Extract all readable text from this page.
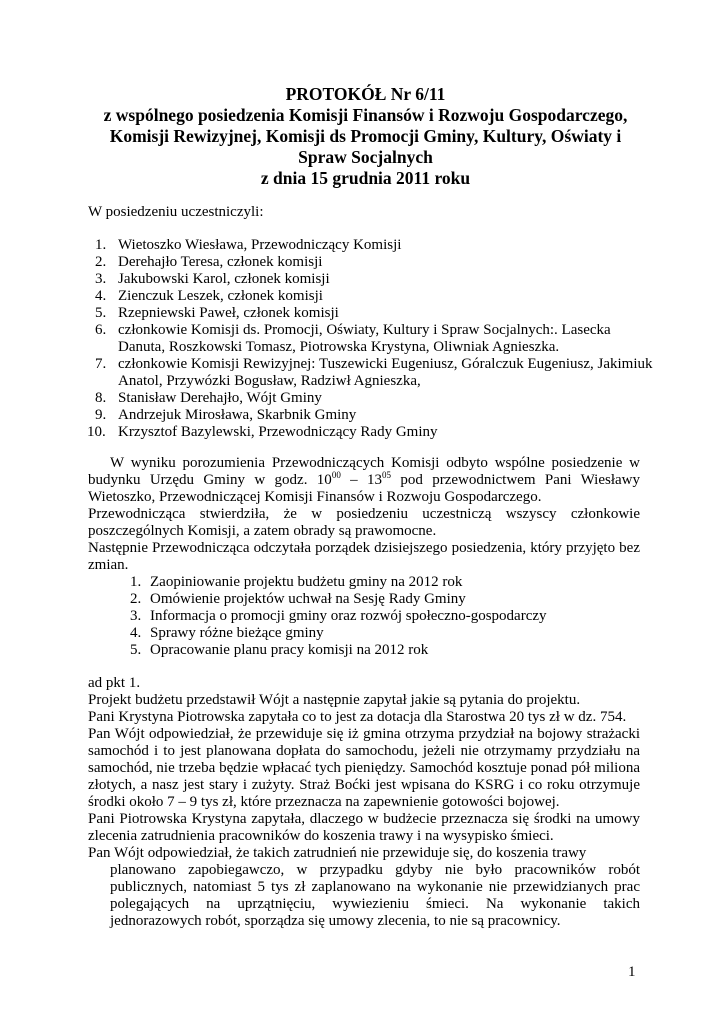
PROTOKÓŁ Nr 6/11
z wspólnego posiedzenia Komisji Finansów i Rozwoju Gospodarczego,
Komisji Rewizyjnej, Komisji ds Promocji Gminy, Kultury, Oświaty i
Spraw Socjalnych
z dnia 15 grudnia 2011 roku
W posiedzeniu uczestniczyli:
1. Wietoszko Wiesława, Przewodniczący Komisji
2. Derehajło Teresa, członek komisji
3. Jakubowski Karol, członek komisji
4. Zienczuk Leszek, członek komisji
5. Rzepniewski Paweł, członek komisji
6. członkowie Komisji ds. Promocji, Oświaty, Kultury i Spraw Socjalnych:. Lasecka Danuta, Roszkowski Tomasz, Piotrowska Krystyna, Oliwniak Agnieszka.
7. członkowie Komisji Rewizyjnej: Tuszewicki Eugeniusz, Góralczuk Eugeniusz, Jakimiuk Anatol, Przywózki Bogusław, Radziwł Agnieszka,
8. Stanisław Derehajło, Wójt Gminy
9. Andrzejuk Mirosława, Skarbnik Gminy
10. Krzysztof Bazylewski, Przewodniczący Rady Gminy

W wyniku porozumienia Przewodniczących Komisji odbyto wspólne posiedzenie w budynku Urzędu Gminy w godz. $10^{00} - 13^{05}$ pod przewodnictwem Pani Wiesławy Wietoszko, Przewodniczącej Komisji Finansów i Rozwoju Gospodarczego.

Przewodnicząca stwierdziła, że w posiedzeniu uczestniczą wszyscy członkowie poszczególnych Komisji, a zatem obrady są prawomocne.

Następnie Przewodnicząca odczytała porządek dzisiejszego posiedzenia, który przyjęto bez zmian.

1. Zaopiniowanie projektu budżetu gminy na 2012 rok
2. Omówienie projektów uchwał na Sesję Rady Gminy
3. Informacja o promocji gminy oraz rozwój społeczno-gospodarczy
4. Sprawy różne bieżące gminy
5. Opracowanie planu pracy komisji na 2012 rok

ad pkt 1.

Projekt budżetu przedstawił Wójt a następnie zapytał jakie są pytania do projektu.

Pani Krystyna Piotrowska zapytała co to jest za dotacja dla Starostwa 20 tys zł w dz. 754.

Pan Wójt odpowiedział, że przewiduje się iż gmina otrzyma przydział na bojowy strażacki samochód i to jest planowana dopłata do samochodu, jeżeli nie otrzymamy przydziału na samochód, nie trzeba będzie wpłacać tych pieniędzy. Samochód kosztuje ponad pół miliona złotych, a nasz jest stary i zużyty. Straż Boćki jest wpisana do KSRG i co roku otrzymuje środki około 7 – 9 tys zł, które przeznacza na zapewnienie gotowości bojowej.

Pani Piotrowska Krystyna zapytała, dlaczego w budżecie przeznacza się środki na umowy zlecenia zatrudnienia pracowników do koszenia trawy i na wysypisko śmieci.

Pan Wójt odpowiedział, że takich zatrudnień nie przewiduje się, do koszenia trawy
planowano zapobiegawczo, w przypadku gdyby nie było pracowników robót publicznych, natomiast 5 tys zł zaplanowano na wykonanie nie przewidzianych prac polegających na uprzątnięciu, wywiezieniu śmieci. Na wykonanie takich jednorazowych robót, sporządza się umowy zlecenia, to nie są pracownicy.

1
